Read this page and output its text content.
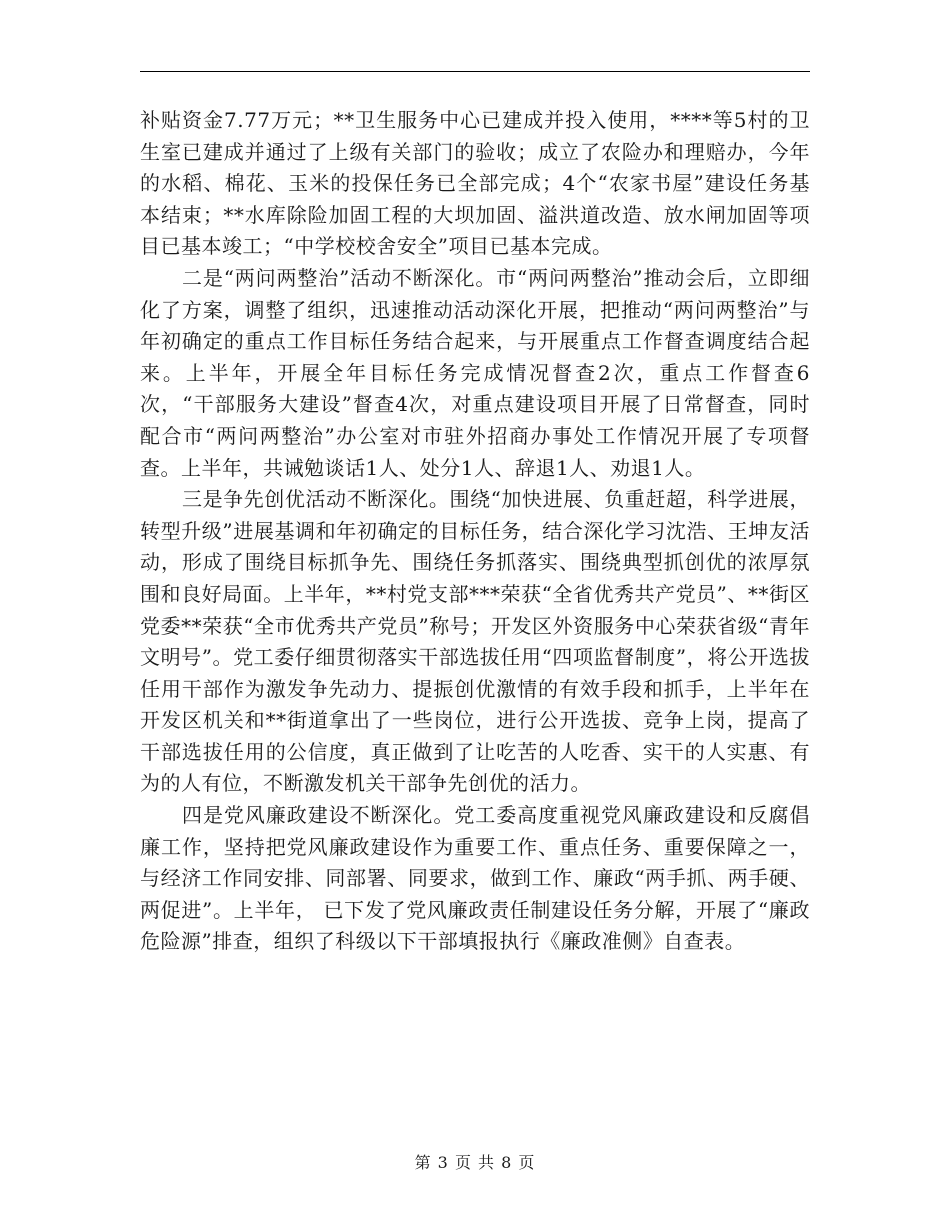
补贴资金7.77万元；**卫生服务中心已建成并投入使用，****等5村的卫生室已建成并通过了上级有关部门的验收；成立了农险办和理赔办，今年的水稻、棉花、玉米的投保任务已全部完成；4个“农家书屋”建设任务基本结束；**水库除险加固工程的大坝加固、溢洪道改造、放水闸加固等项目已基本竣工；“中学校校舍安全”项目已基本完成。

二是“两问两整治”活动不断深化。市“两问两整治”推动会后，立即细化了方案，调整了组织，迅速推动活动深化开展，把推动“两问两整治”与年初确定的重点工作目标任务结合起来，与开展重点工作督查调度结合起来。上半年，开展全年目标任务完成情况督查2次，重点工作督查6次，“干部服务大建设”督查4次，对重点建设项目开展了日常督查，同时配合市“两问两整治”办公室对市驻外招商办事处工作情况开展了专项督查。上半年，共诫勉谈话1人、处分1人、辞退1人、劝退1人。

三是争先创优活动不断深化。围绕“加快进展、负重赶超，科学进展，转型升级”进展基调和年初确定的目标任务，结合深化学习沈浩、王坤友活动，形成了围绕目标抓争先、围绕任务抓落实、围绕典型抓创优的浓厚氛围和良好局面。上半年，**村党支部***荣获“全省优秀共产党员”、**街区党委**荣获“全市优秀共产党员”称号；开发区外资服务中心荣获省级“青年文明号”。党工委仔细贯彻落实干部选拔任用“四项监督制度”，将公开选拔任用干部作为激发争先动力、提振创优激情的有效手段和抓手，上半年在开发区机关和**街道拿出了一些岗位，进行公开选拔、竞争上岗，提高了干部选拔任用的公信度，真正做到了让吃苦的人吃香、实干的人实惠、有为的人有位，不断激发机关干部争先创优的活力。

四是党风廉政建设不断深化。党工委高度重视党风廉政建设和反腐倡廉工作，坚持把党风廉政建设作为重要工作、重点任务、重要保障之一，与经济工作同安排、同部署、同要求，做到工作、廉政“两手抓、两手硬、两促进”。上半年， 已下发了党风廉政责任制建设任务分解，开展了“廉政危险源”排查，组织了科级以下干部填报执行《廉政准侧》自查表。

第 3 页 共 8 页
